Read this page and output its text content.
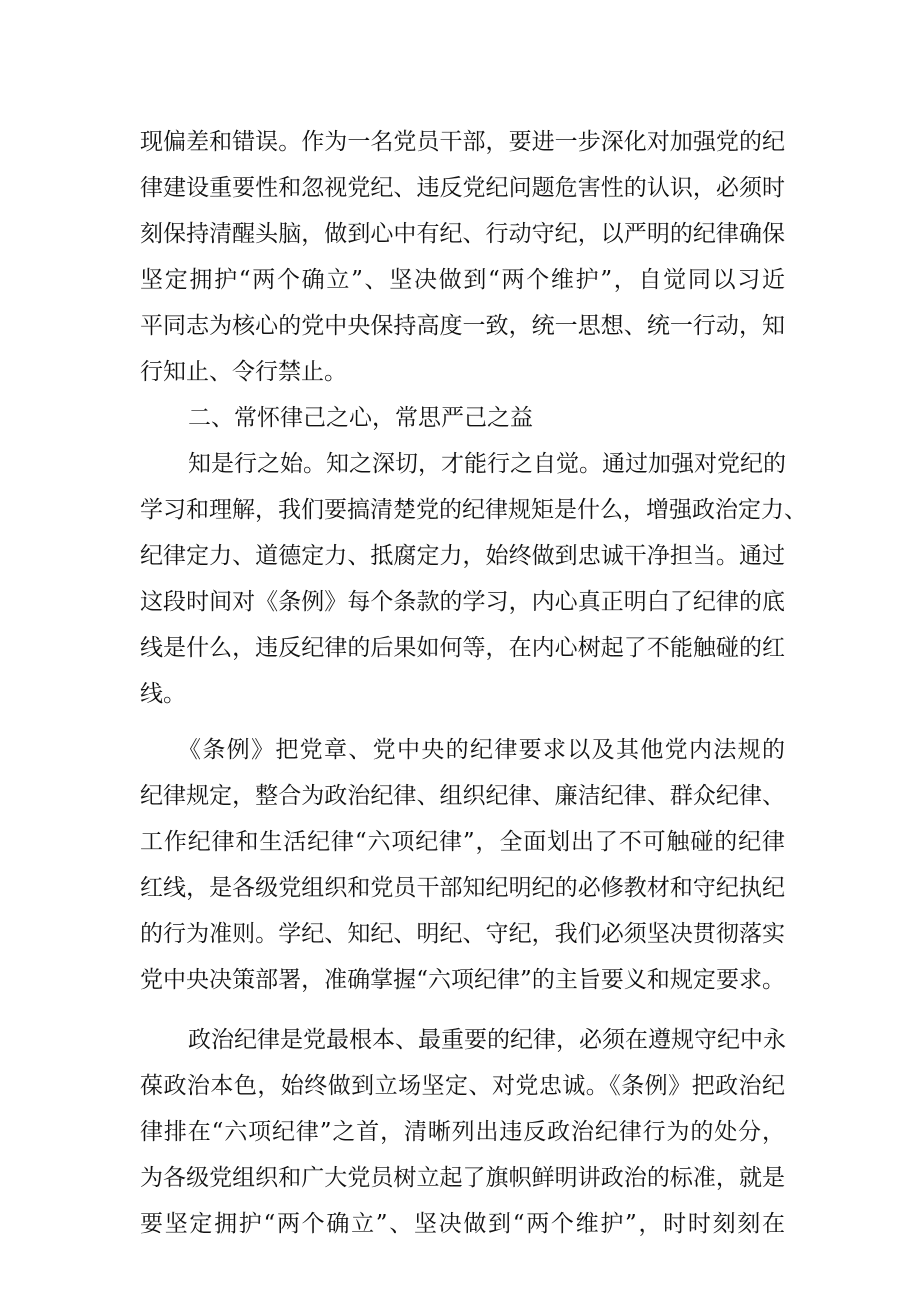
现偏差和错误。作为一名党员干部，要进一步深化对加强党的纪
律建设重要性和忽视党纪、违反党纪问题危害性的认识，必须时
刻保持清醒头脑，做到心中有纪、行动守纪，以严明的纪律确保
坚定拥护“两个确立”、坚决做到“两个维护”，自觉同以习近
平同志为核心的党中央保持高度一致，统一思想、统一行动，知
行知止、令行禁止。
二、常怀律己之心，常思严己之益
知是行之始。知之深切，才能行之自觉。通过加强对党纪的
学习和理解，我们要搞清楚党的纪律规矩是什么，增强政治定力、
纪律定力、道德定力、抵腐定力，始终做到忠诚干净担当。通过
这段时间对《条例》每个条款的学习，内心真正明白了纪律的底
线是什么，违反纪律的后果如何等，在内心树起了不能触碰的红
线。
《条例》把党章、党中央的纪律要求以及其他党内法规的
纪律规定，整合为政治纪律、组织纪律、廉洁纪律、群众纪律、
工作纪律和生活纪律“六项纪律”，全面划出了不可触碰的纪律
红线，是各级党组织和党员干部知纪明纪的必修教材和守纪执纪
的行为准则。学纪、知纪、明纪、守纪，我们必须坚决贯彻落实
党中央决策部署，准确掌握“六项纪律”的主旨要义和规定要求。
政治纪律是党最根本、最重要的纪律，必须在遵规守纪中永
葆政治本色，始终做到立场坚定、对党忠诚。《条例》把政治纪
律排在“六项纪律”之首，清晰列出违反政治纪律行为的处分，
为各级党组织和广大党员树立起了旗帜鲜明讲政治的标准，就是
要坚定拥护“两个确立”、坚决做到“两个维护”，时时刻刻在
